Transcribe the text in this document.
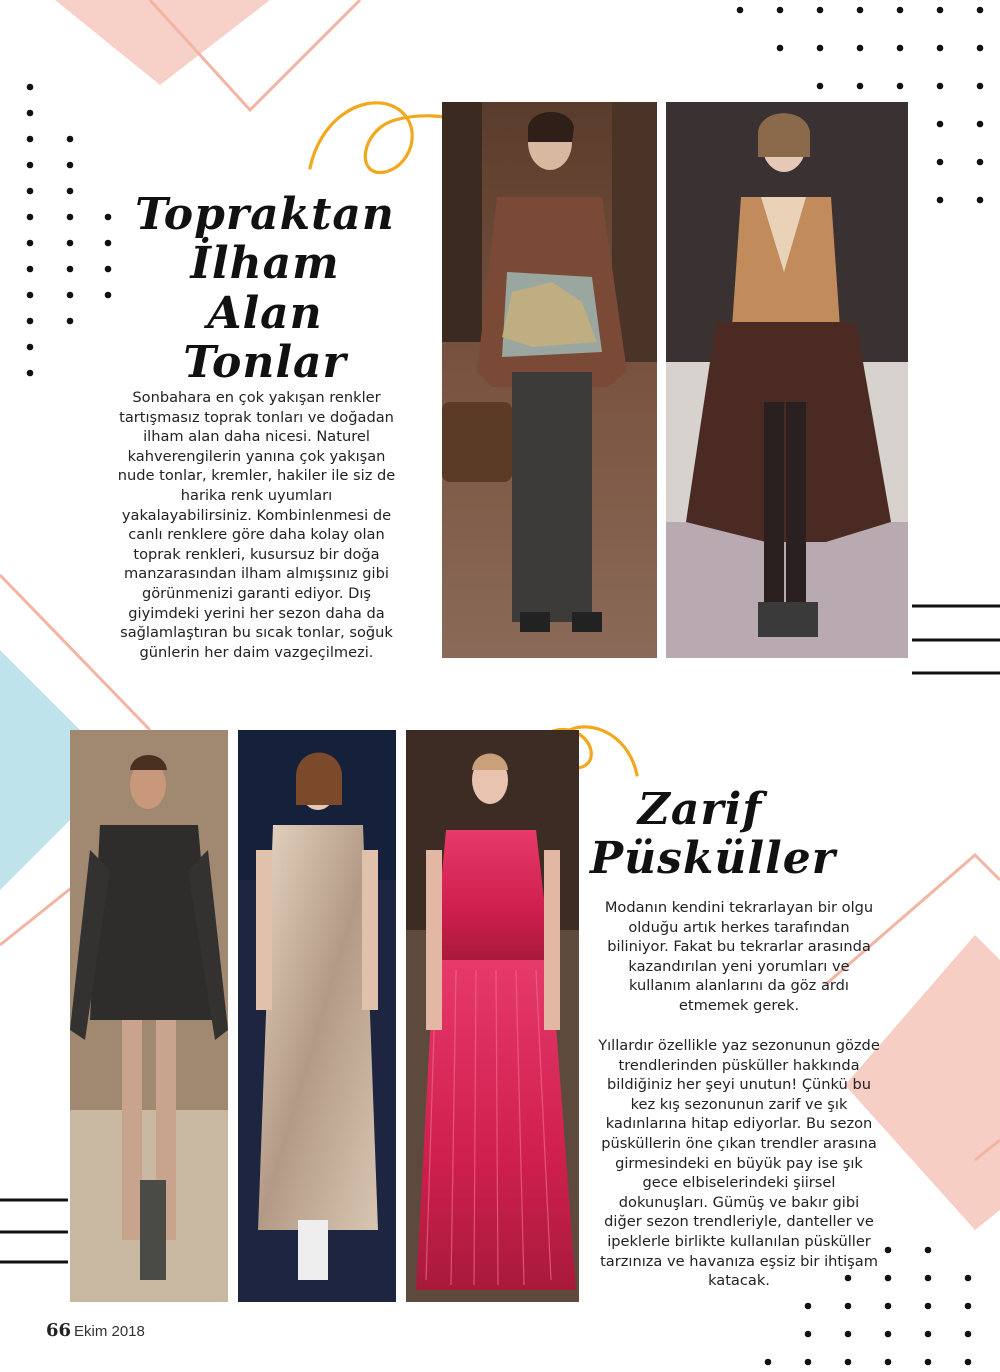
Topraktan
İlham Alan
Tonlar
Sonbahara en çok yakışan renkler tartışmasız toprak tonları ve doğadan ilham alan daha nicesi. Naturel kahverengilerin yanına çok yakışan nude tonlar, kremler, hakiler ile siz de harika renk uyumları yakalayabilirsiniz. Kombinlenmesi de canlı renklere göre daha kolay olan toprak renkleri, kusursuz bir doğa manzarasından ilham almışsınız gibi görünmenizi garanti ediyor. Dış giyimdeki yerini her sezon daha da sağlamlaştıran bu sıcak tonlar, soğuk günlerin her daim vazgeçilmezi.
Zarif
Püsküller
Modanın kendini tekrarlayan bir olgu olduğu artık herkes tarafından biliniyor. Fakat bu tekrarlar arasında kazandırılan yeni yorumları ve kullanım alanlarını da göz ardı etmemek gerek.
Yıllardır özellikle yaz sezonunun gözde trendlerinden püsküller hakkında bildiğiniz her şeyi unutun! Çünkü bu kez kış sezonunun zarif ve şık kadınlarına hitap ediyorlar. Bu sezon püsküllerin öne çıkan trendler arasına girmesindeki en büyük pay ise şık gece elbiselerindeki şiirsel dokunuşları. Gümüş ve bakır gibi diğer sezon trendleriyle, danteller ve ipeklerle birlikte kullanılan püsküller tarzınıza ve havanıza eşsiz bir ihtişam katacak.
66 Ekim 2018
